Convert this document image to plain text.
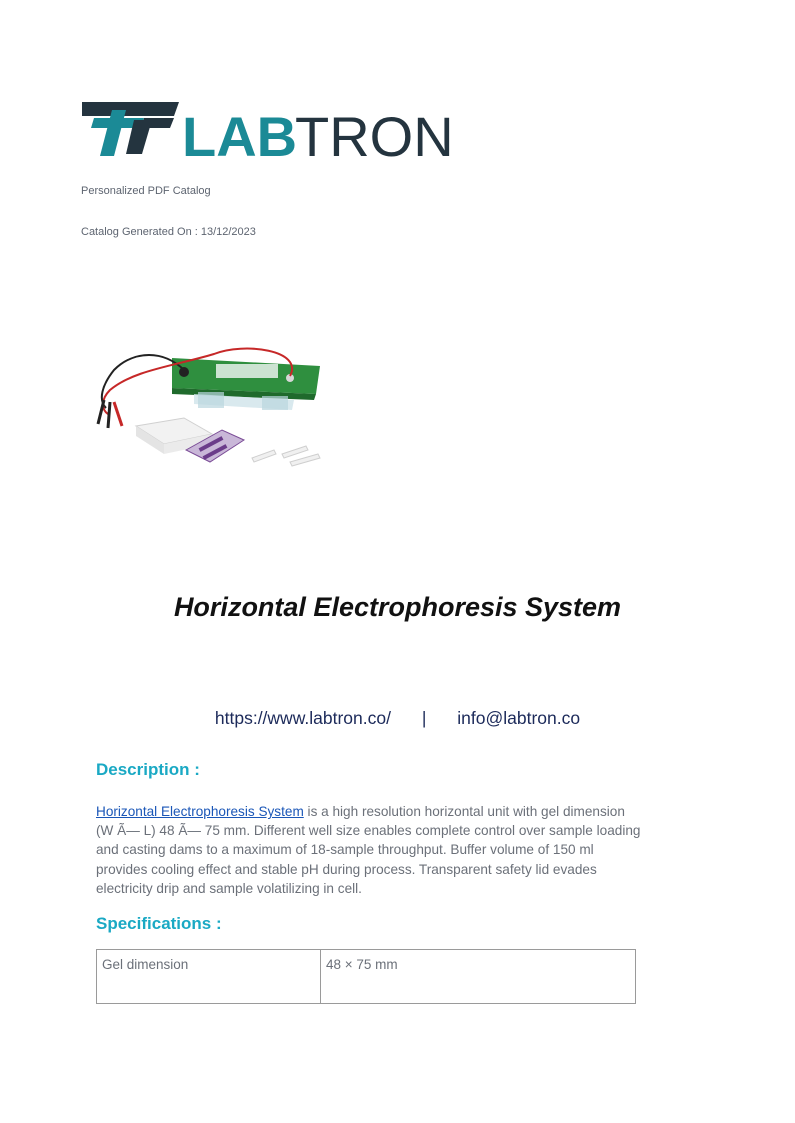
LAB
TRON
Personalized PDF Catalog
Catalog Generated On : 13/12/2023
Horizontal Electrophoresis System
https://www.labtron.co/ | info@labtron.co
Description :
Horizontal Electrophoresis System is a high resolution horizontal unit with gel dimension (W Ã— L) 48 Ã— 75 mm. Different well size enables complete control over sample loading and casting dams to a maximum of 18-sample throughput. Buffer volume of 150 ml provides cooling effect and stable pH during process. Transparent safety lid evades electricity drip and sample volatilizing in cell.
Specifications :
Gel dimension	48 × 75 mm
